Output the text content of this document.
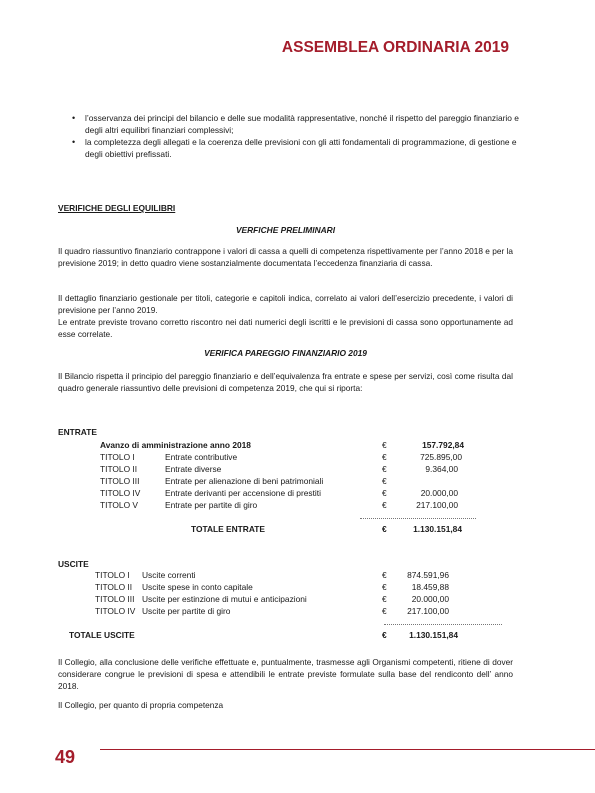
ASSEMBLEA ORDINARIA 2019
• l’osservanza dei principi del bilancio e delle sue modalità rappresentative, nonché il rispetto del pareggio finanziario e degli altri equilibri finanziari complessivi;
• la completezza degli allegati e la coerenza delle previsioni con gli atti fondamentali di programmazione, di gestione e degli obiettivi prefissati.
VERIFICHE DEGLI EQUILIBRI
VERFICHE PRELIMINARI
Il quadro riassuntivo finanziario contrappone i valori di cassa a quelli di competenza rispettivamente per l’anno 2018 e per la previsione 2019; in detto quadro viene sostanzialmente documentata l’eccedenza finanziaria di cassa.
Il dettaglio finanziario gestionale per titoli, categorie e capitoli indica, correlato ai valori dell’esercizio precedente, i valori di previsione per l’anno 2019.
Le entrate previste trovano corretto riscontro nei dati numerici degli iscritti e le previsioni di cassa sono opportunamente ad esse correlate.
VERIFICA PAREGGIO FINANZIARIO 2019
Il Bilancio rispetta il principio del pareggio finanziario e dell’equivalenza fra entrate e spese per servizi, così come risulta dal quadro generale riassuntivo delle previsioni di competenza 2019, che qui si riporta:
ENTRATE
Avanzo di amministrazione anno 2018	€	157.792,84
TITOLO I	Entrate contributive	€	725.895,00
TITOLO II	Entrate diverse	€	9.364,00
TITOLO III	Entrate per alienazione di beni patrimoniali	€
TITOLO IV	Entrate derivanti per accensione di prestiti	€	20.000,00
TITOLO V	Entrate per partite di giro	€	217.100,00
TOTALE ENTRATE	€	1.130.151,84
USCITE
TITOLO I Uscite correnti	€	874.591,96
TITOLO II Uscite spese in conto capitale	€	18.459,88
TITOLO III Uscite per estinzione di mutui e anticipazioni	€	20.000,00
TITOLO IV Uscite per partite di giro	€	217.100,00
TOTALE USCITE	€	1.130.151,84
Il Collegio, alla conclusione delle verifiche effettuate e, puntualmente, trasmesse agli Organismi competenti, ritiene di dover considerare congrue le previsioni di spesa e attendibili le entrate previste formulate sulla base del rendiconto dell’ anno 2018.
Il Collegio, per quanto di propria competenza
49
